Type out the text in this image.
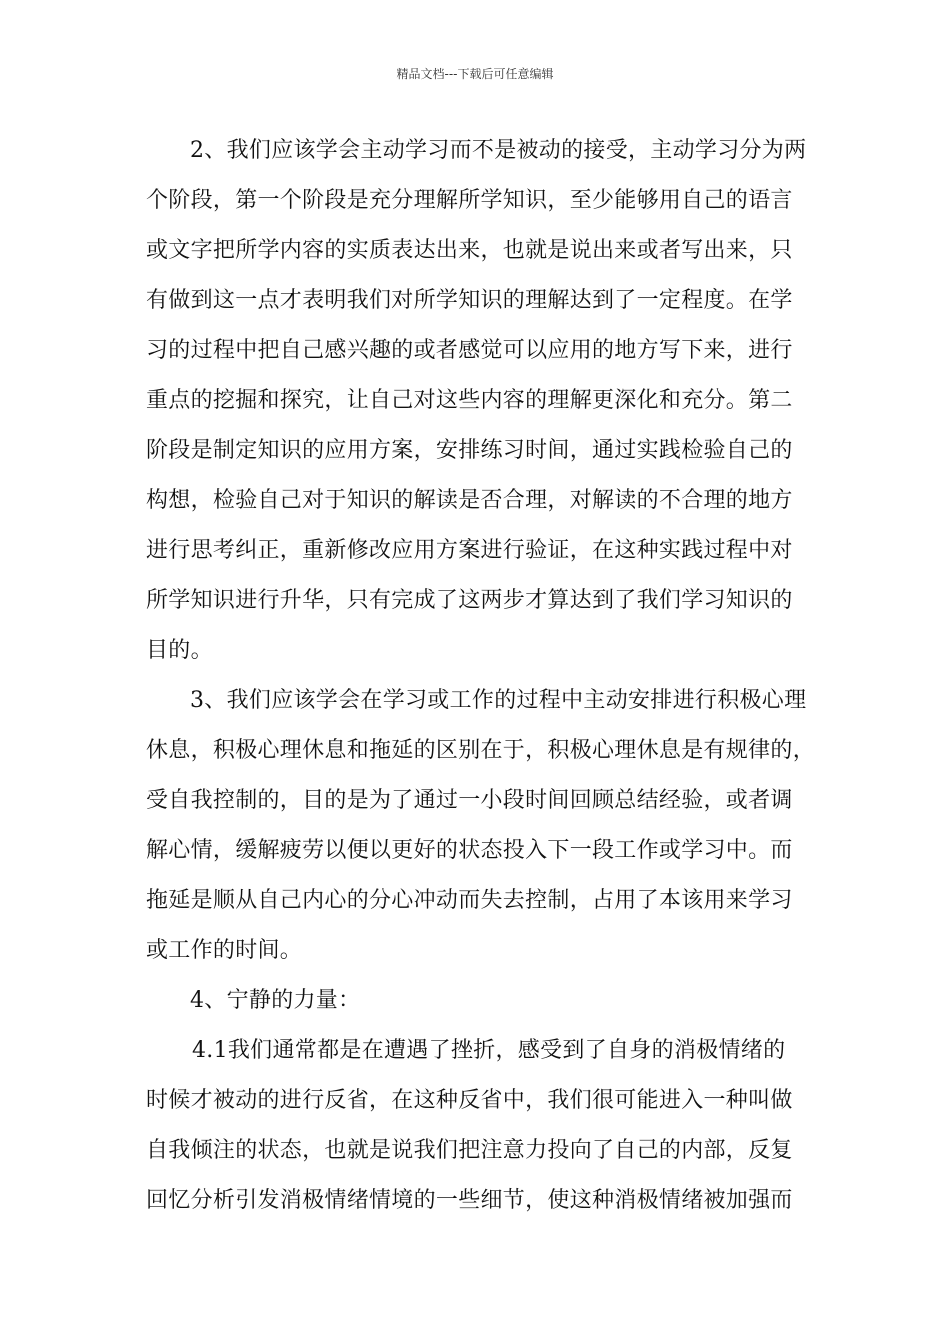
精品文档---下载后可任意编辑
2、我们应该学会主动学习而不是被动的接受，主动学习分为两
个阶段，第一个阶段是充分理解所学知识，至少能够用自己的语言
或文字把所学内容的实质表达出来，也就是说出来或者写出来，只
有做到这一点才表明我们对所学知识的理解达到了一定程度。在学
习的过程中把自己感兴趣的或者感觉可以应用的地方写下来，进行
重点的挖掘和探究，让自己对这些内容的理解更深化和充分。第二
阶段是制定知识的应用方案，安排练习时间，通过实践检验自己的
构想，检验自己对于知识的解读是否合理，对解读的不合理的地方
进行思考纠正，重新修改应用方案进行验证，在这种实践过程中对
所学知识进行升华，只有完成了这两步才算达到了我们学习知识的
目的。
3、我们应该学会在学习或工作的过程中主动安排进行积极心理
休息，积极心理休息和拖延的区别在于，积极心理休息是有规律的，
受自我控制的，目的是为了通过一小段时间回顾总结经验，或者调
解心情，缓解疲劳以便以更好的状态投入下一段工作或学习中。而
拖延是顺从自己内心的分心冲动而失去控制，占用了本该用来学习
或工作的时间。
4、宁静的力量：
4.1我们通常都是在遭遇了挫折，感受到了自身的消极情绪的
时候才被动的进行反省，在这种反省中，我们很可能进入一种叫做
自我倾注的状态，也就是说我们把注意力投向了自己的内部，反复
回忆分析引发消极情绪情境的一些细节，使这种消极情绪被加强而
